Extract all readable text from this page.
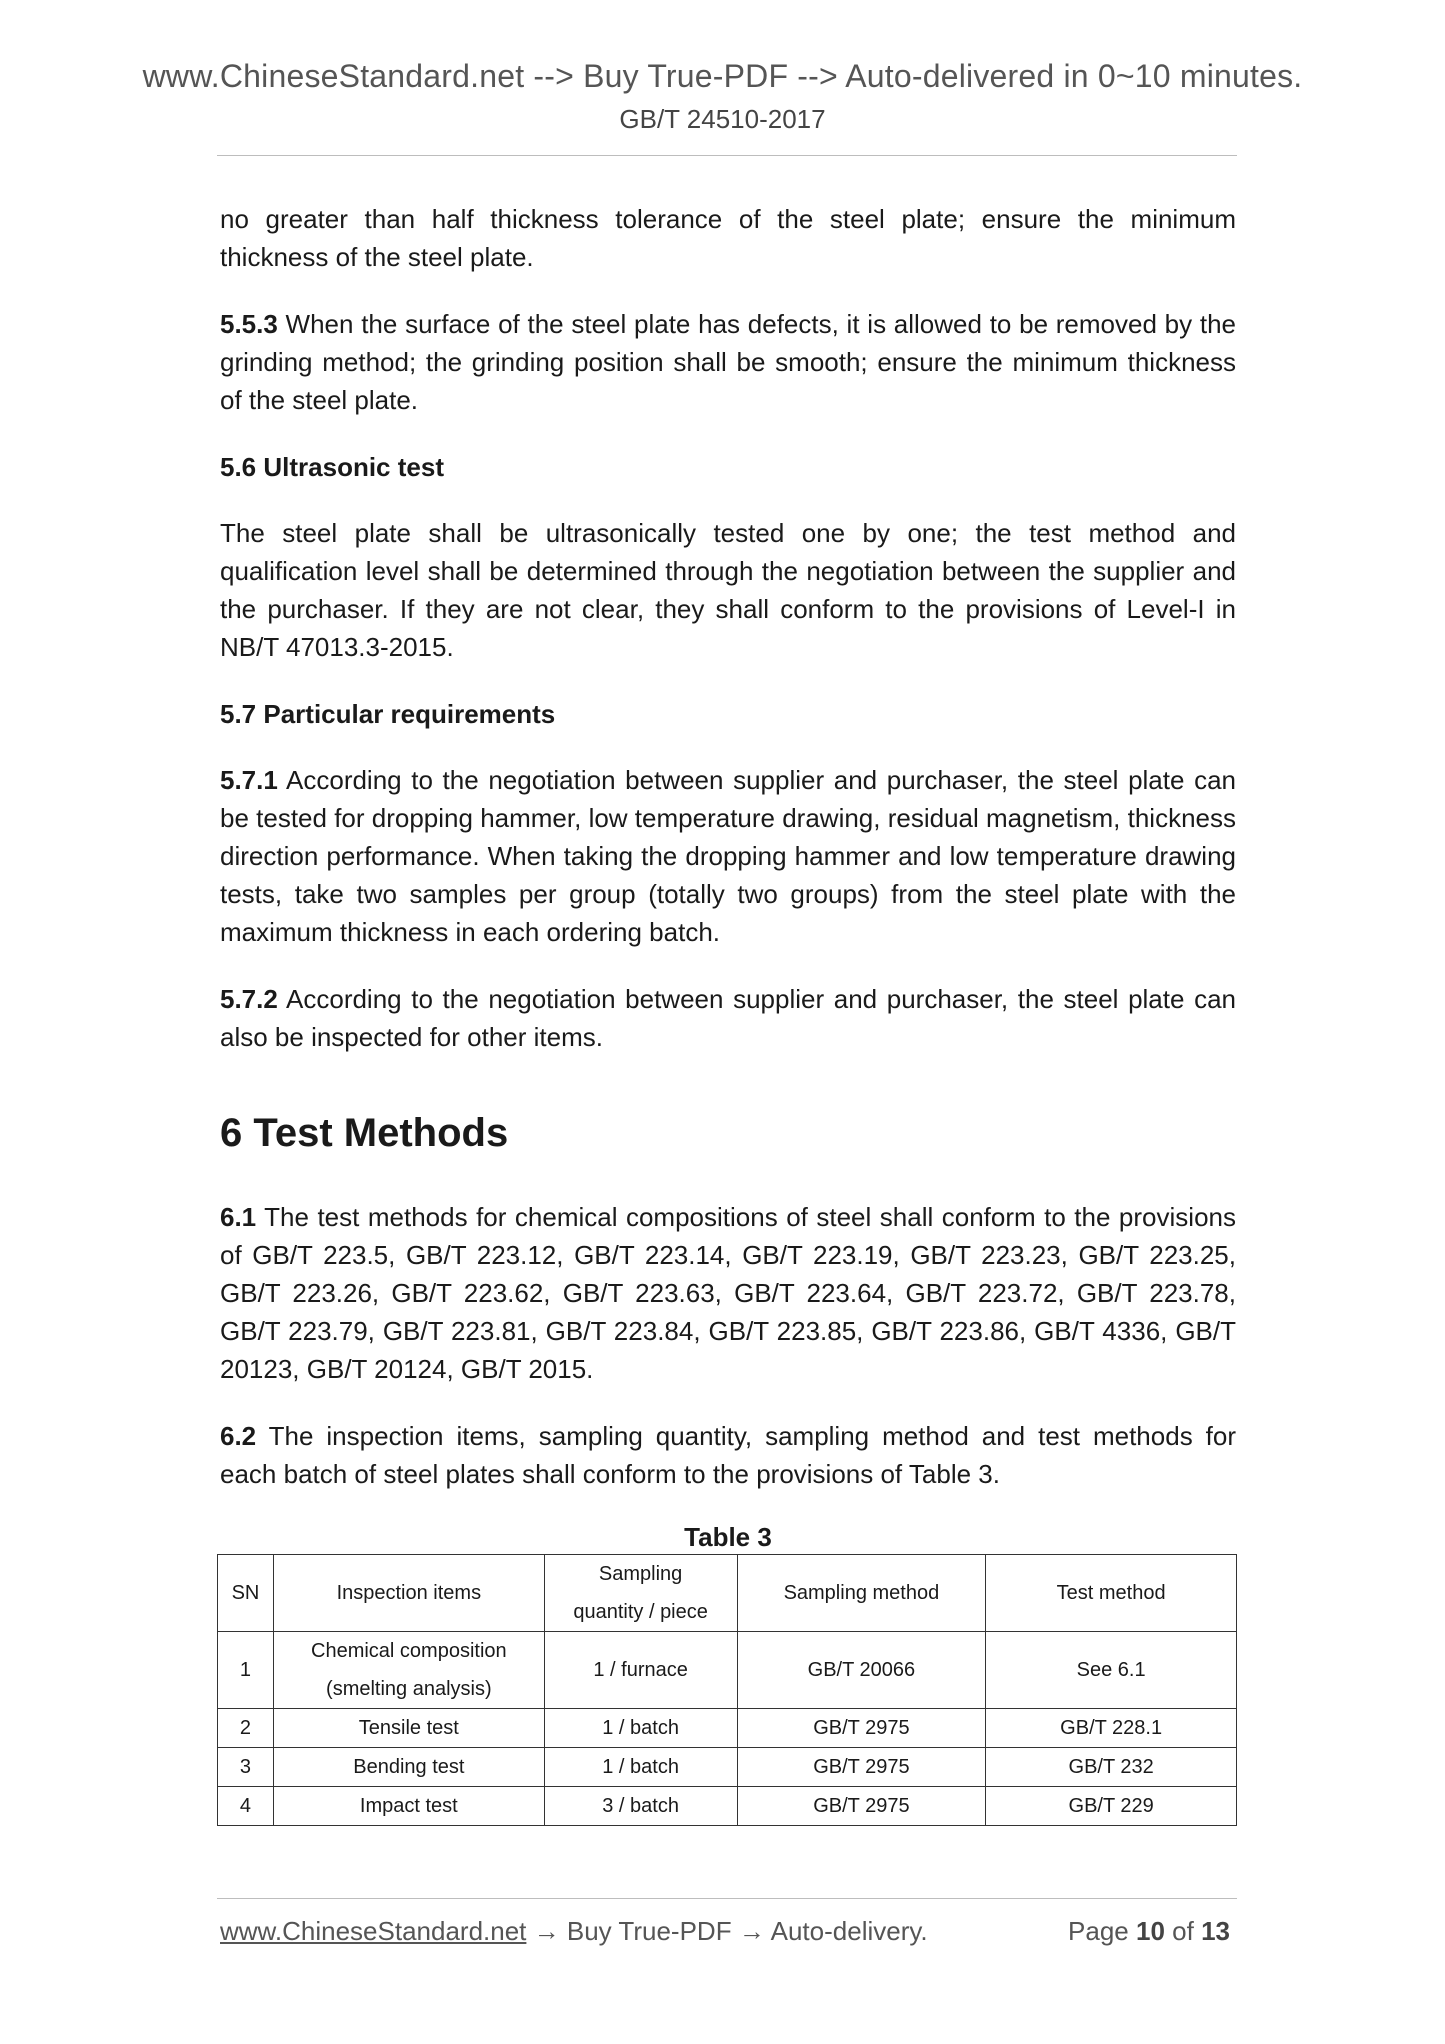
www.ChineseStandard.net --> Buy True-PDF --> Auto-delivered in 0~10 minutes.
GB/T 24510-2017

no greater than half thickness tolerance of the steel plate; ensure the minimum thickness of the steel plate.

5.5.3 When the surface of the steel plate has defects, it is allowed to be removed by the grinding method; the grinding position shall be smooth; ensure the minimum thickness of the steel plate.

5.6 Ultrasonic test

The steel plate shall be ultrasonically tested one by one; the test method and qualification level shall be determined through the negotiation between the supplier and the purchaser. If they are not clear, they shall conform to the provisions of Level-I in NB/T 47013.3-2015.

5.7 Particular requirements

5.7.1 According to the negotiation between supplier and purchaser, the steel plate can be tested for dropping hammer, low temperature drawing, residual magnetism, thickness direction performance. When taking the dropping hammer and low temperature drawing tests, take two samples per group (totally two groups) from the steel plate with the maximum thickness in each ordering batch.

5.7.2 According to the negotiation between supplier and purchaser, the steel plate can also be inspected for other items.

6 Test Methods

6.1 The test methods for chemical compositions of steel shall conform to the provisions of GB/T 223.5, GB/T 223.12, GB/T 223.14, GB/T 223.19, GB/T 223.23, GB/T 223.25, GB/T 223.26, GB/T 223.62, GB/T 223.63, GB/T 223.64, GB/T 223.72, GB/T 223.78, GB/T 223.79, GB/T 223.81, GB/T 223.84, GB/T 223.85, GB/T 223.86, GB/T 4336, GB/T 20123, GB/T 20124, GB/T 2015.

6.2 The inspection items, sampling quantity, sampling method and test methods for each batch of steel plates shall conform to the provisions of Table 3.

Table 3
SN	Inspection items	Sampling
quantity / piece	Sampling method	Test method
1	Chemical composition
(smelting analysis)	1 / furnace	GB/T 20066	See 6.1
2	Tensile test	1 / batch	GB/T 2975	GB/T 228.1
3	Bending test	1 / batch	GB/T 2975	GB/T 232
4	Impact test	3 / batch	GB/T 2975	GB/T 229
www.ChineseStandard.net → Buy True-PDF → Auto-delivery.	Page 10 of 13
